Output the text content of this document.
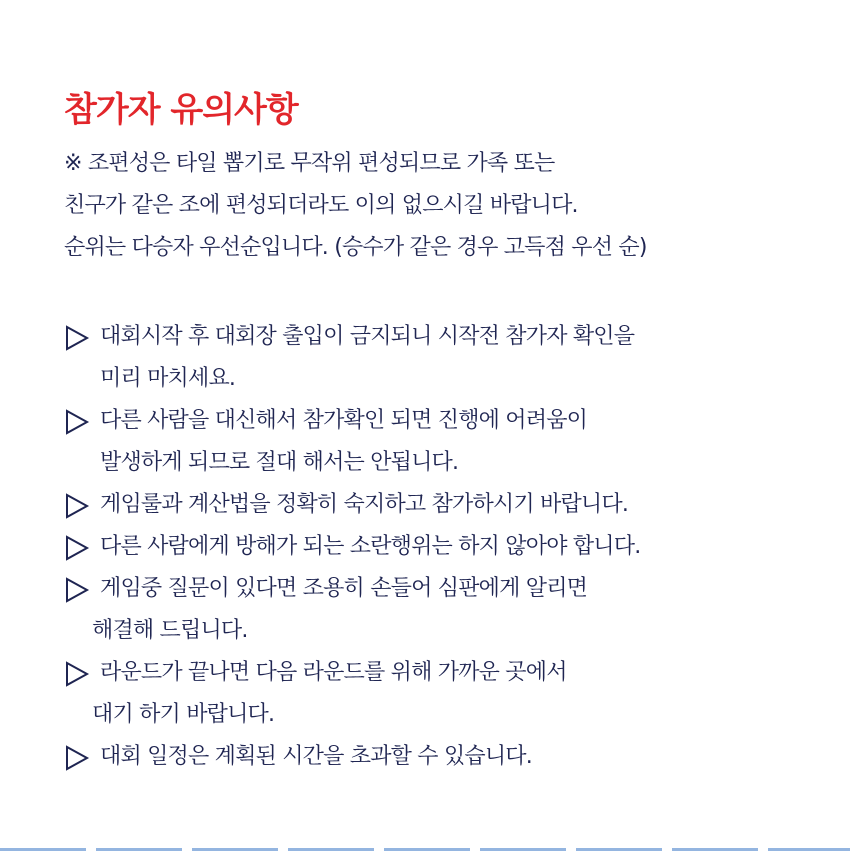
참가자 유의사항
※ 조편성은 타일 뽑기로 무작위 편성되므로 가족 또는
친구가 같은 조에 편성되더라도 이의 없으시길 바랍니다.
순위는 다승자 우선순입니다. (승수가 같은 경우 고득점 우선 순)
대회시작 후 대회장 출입이 금지되니 시작전 참가자 확인을
미리 마치세요.
다른 사람을 대신해서 참가확인 되면 진행에 어려움이
발생하게 되므로 절대 해서는 안됩니다.
게임룰과 계산법을 정확히 숙지하고 참가하시기 바랍니다.
다른 사람에게 방해가 되는 소란행위는 하지 않아야 합니다.
게임중 질문이 있다면 조용히 손들어 심판에게 알리면
해결해 드립니다.
라운드가 끝나면 다음 라운드를 위해 가까운 곳에서
대기 하기 바랍니다.
대회 일정은 계획된 시간을 초과할 수 있습니다.
